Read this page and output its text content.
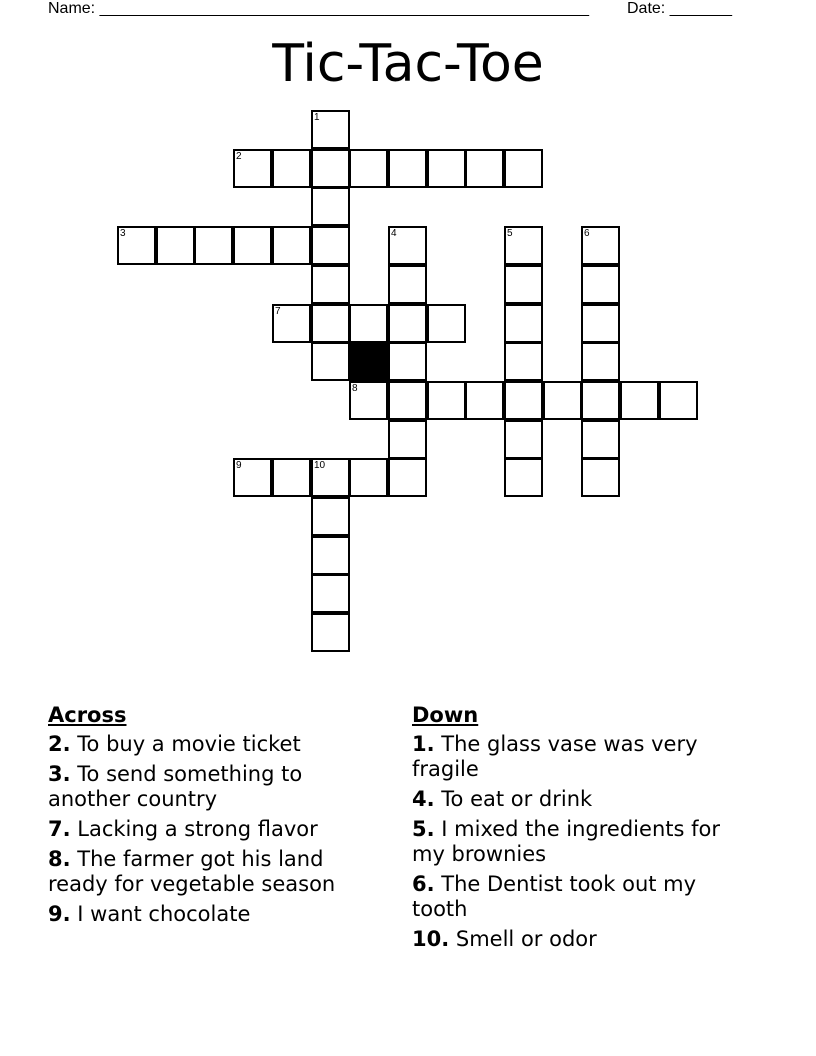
Name: _______________________________________________________ Date: _______
Tic-Tac-Toe
1
2
3	4	5	6
7
8
9	10
Across
2. To buy a movie ticket
3. To send something to another country
7. Lacking a strong flavor
8. The farmer got his land ready for vegetable season
9. I want chocolate
Down
1. The glass vase was very fragile
4. To eat or drink
5. I mixed the ingredients for my brownies
6. The Dentist took out my tooth
10. Smell or odor
